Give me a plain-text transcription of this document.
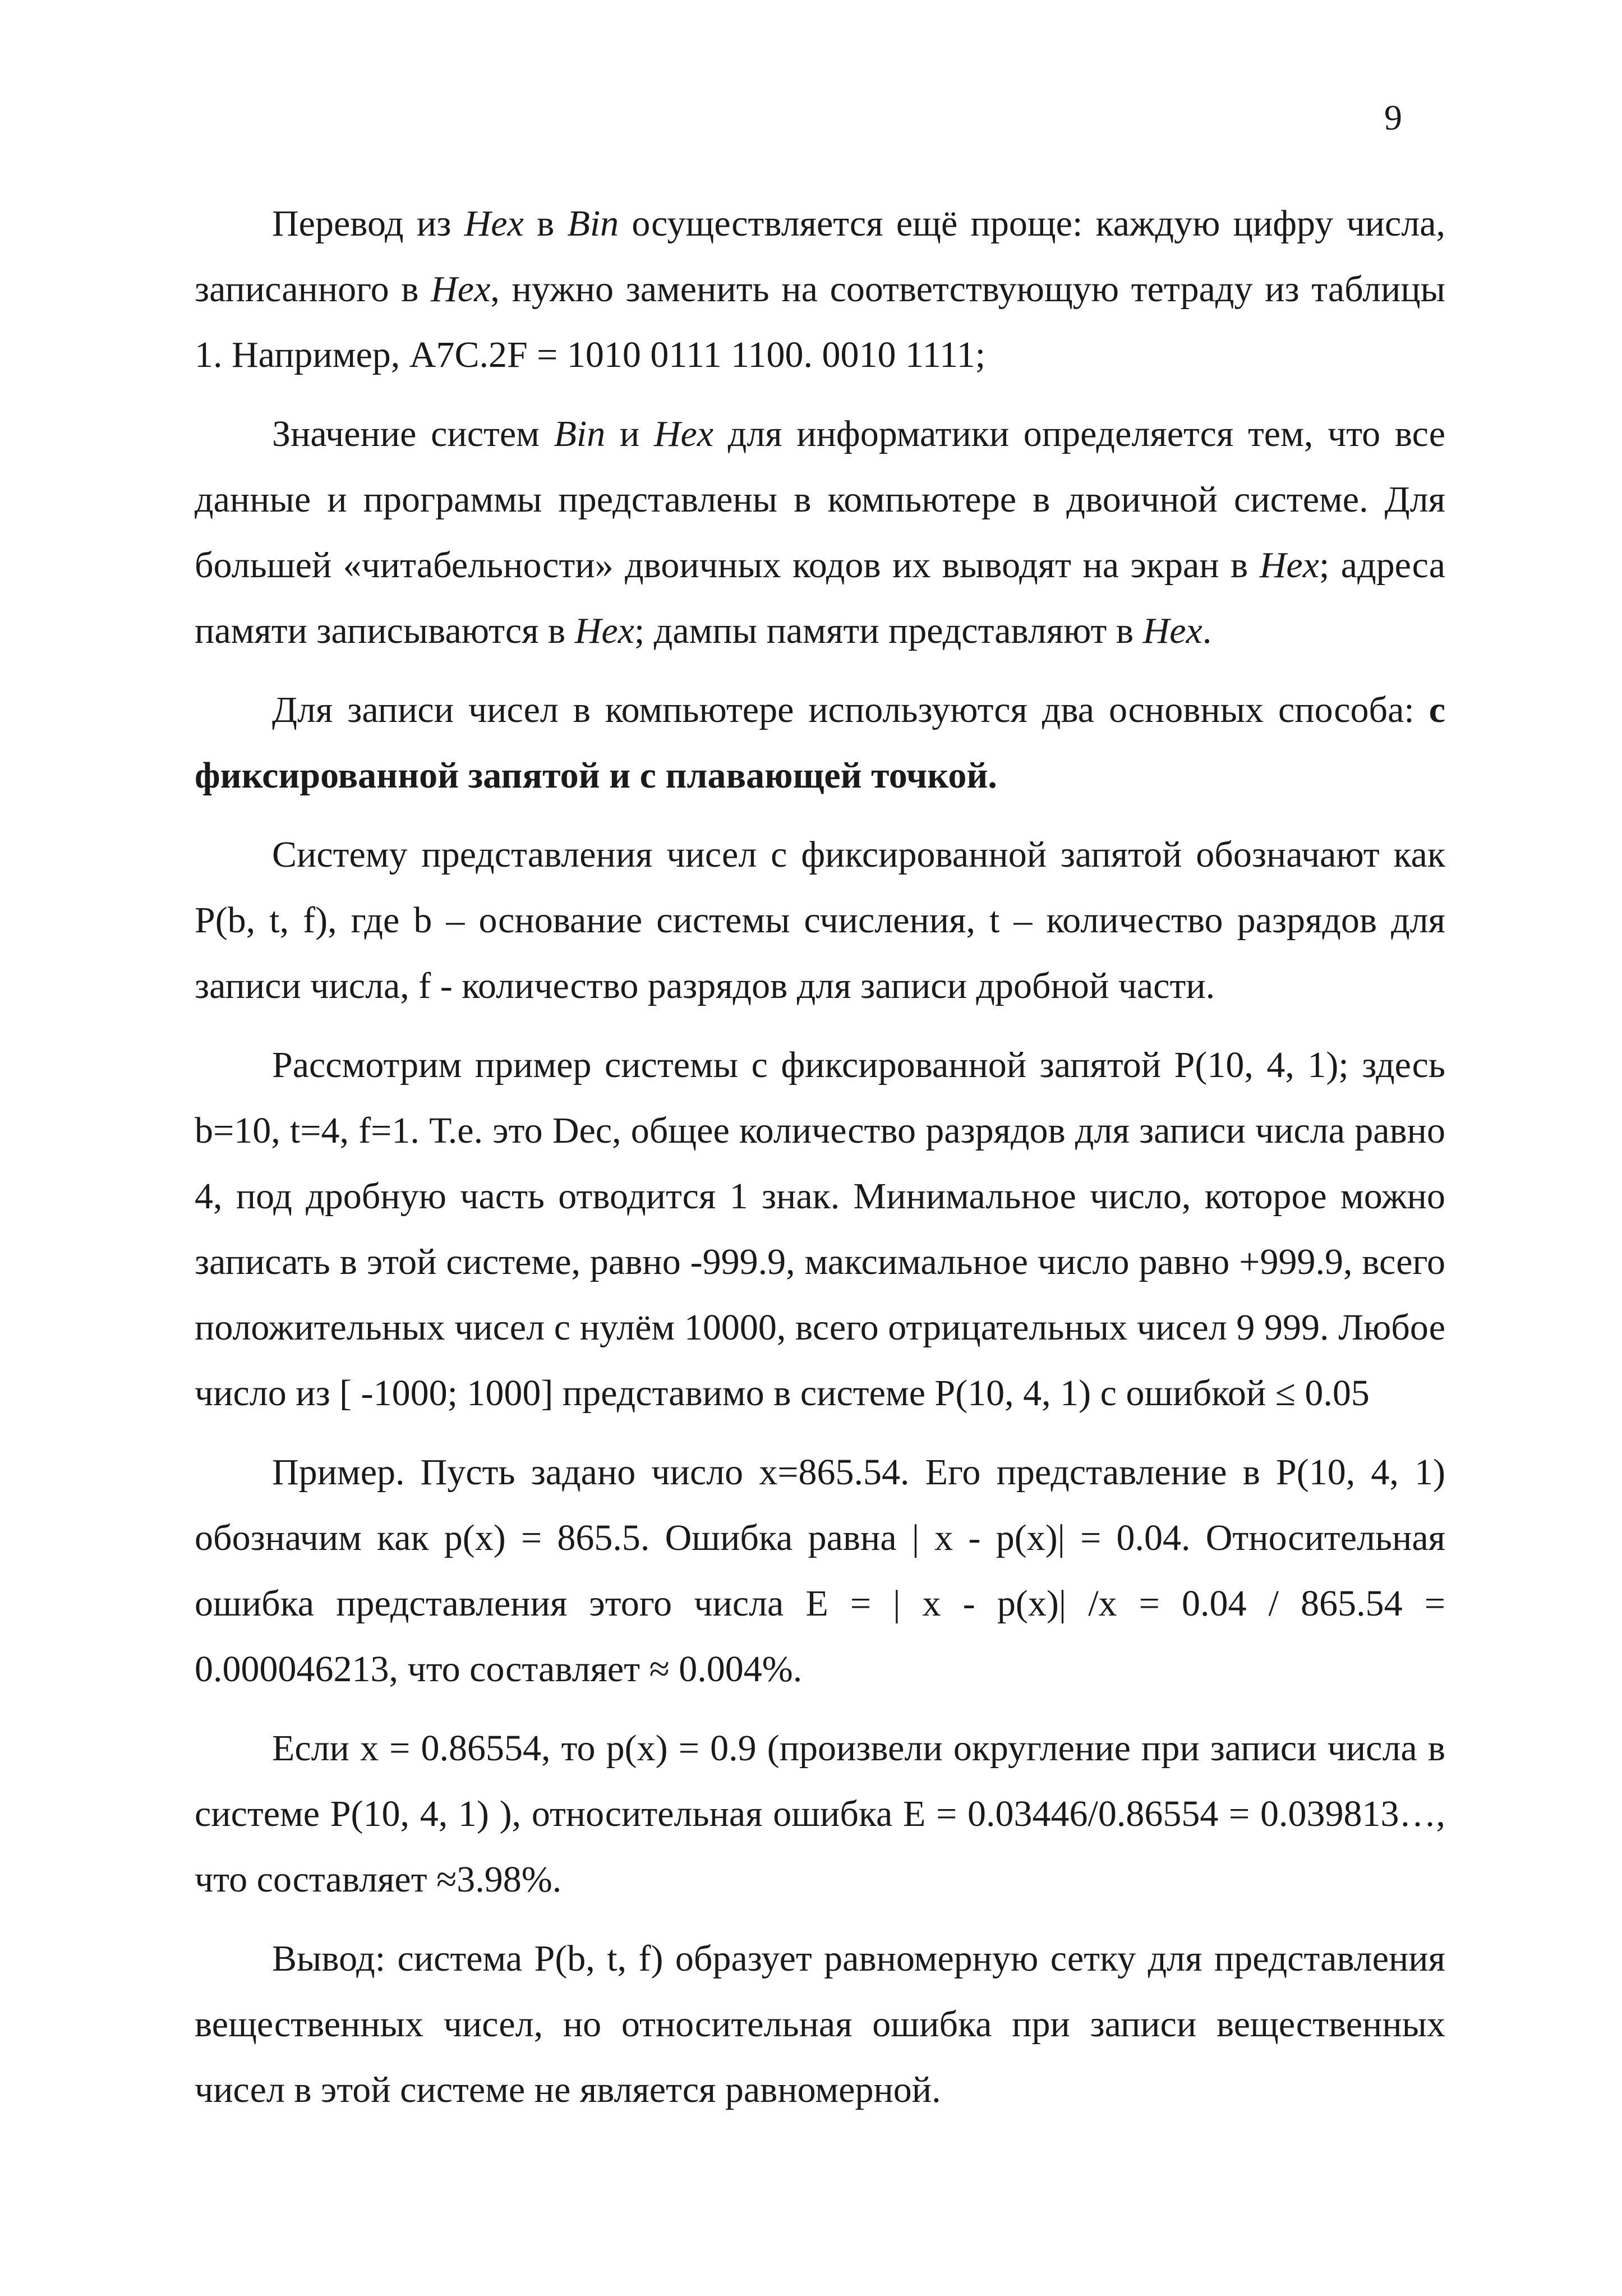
9

Перевод из Hex в Bin осуществляется ещё проще: каждую цифру числа, записанного в Hex, нужно заменить на соответствующую тетраду из таблицы 1. Например, A7C.2F = 1010 0111 1100. 0010 1111;

Значение систем Bin и Hex для информатики определяется тем, что все данные и программы представлены в компьютере в двоичной системе. Для большей «читабельности» двоичных кодов их выводят на экран в Hex; адреса памяти записываются в Hex; дампы памяти представляют в Hex.

Для записи чисел в компьютере используются два основных способа: с фиксированной запятой и с плавающей точкой.

Систему представления чисел с фиксированной запятой обозначают как P(b, t, f), где b – основание системы счисления, t – количество разрядов для записи числа, f - количество разрядов для записи дробной части.

Рассмотрим пример системы с фиксированной запятой P(10, 4, 1); здесь b=10, t=4, f=1. Т.е. это Dec, общее количество разрядов для записи числа равно 4, под дробную часть отводится 1 знак. Минимальное число, которое можно записать в этой системе, равно -999.9, максимальное число равно +999.9, всего положительных чисел с нулём 10000, всего отрицательных чисел 9 999. Любое число из [ -1000; 1000] представимо в системе P(10, 4, 1) с ошибкой ≤ 0.05

Пример. Пусть задано число x=865.54. Его представление в P(10, 4, 1) обозначим как p(x) = 865.5. Ошибка равна | x - p(x)| = 0.04. Относительная ошибка представления этого числа E = | x - p(x)| /x = 0.04 / 865.54 = 0.000046213, что составляет ≈ 0.004%.

Если x = 0.86554, то p(x) = 0.9 (произвели округление при записи числа в системе P(10, 4, 1) ), относительная ошибка E = 0.03446/0.86554 = 0.039813…, что составляет ≈3.98%.

Вывод: система P(b, t, f) образует равномерную сетку для представления вещественных чисел, но относительная ошибка при записи вещественных чисел в этой системе не является равномерной.
